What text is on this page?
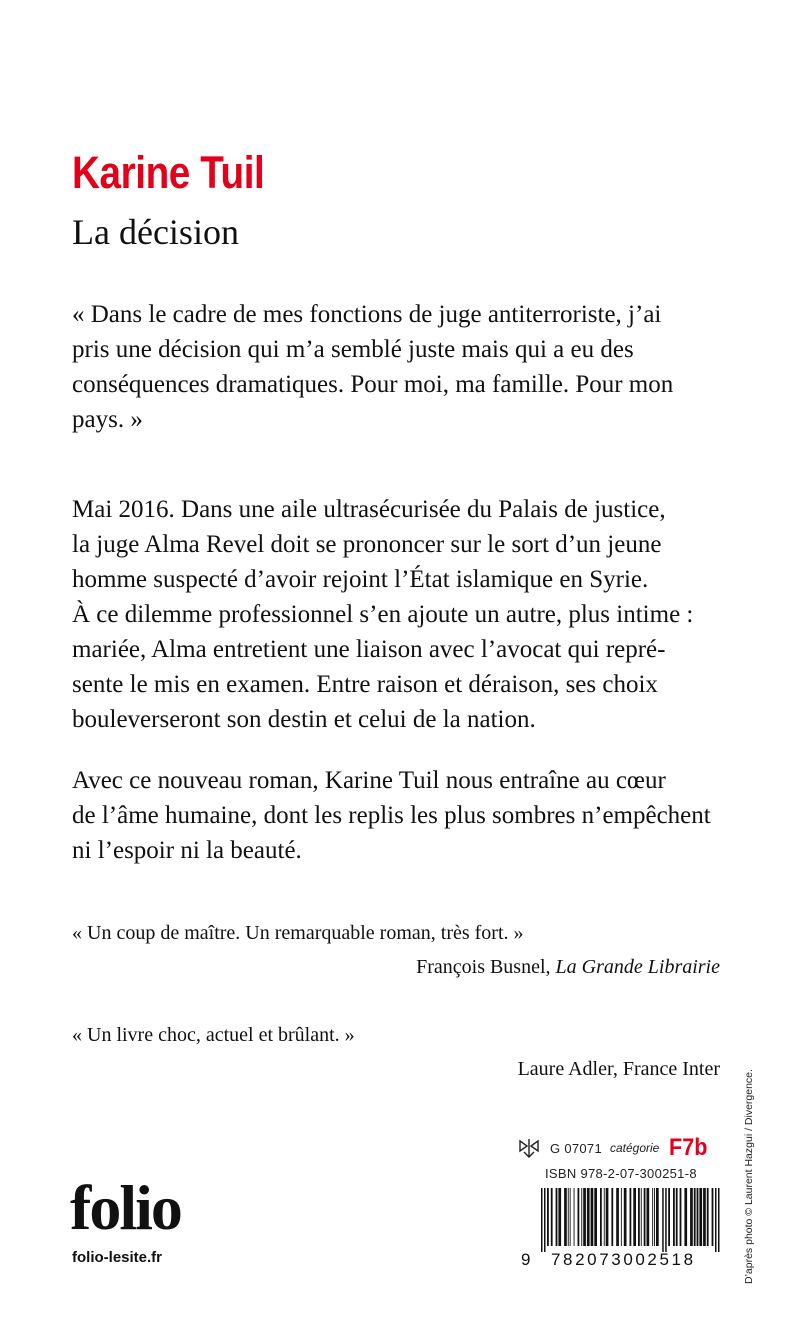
Karine Tuil
La décision
« Dans le cadre de mes fonctions de juge antiterroriste, j’ai
pris une décision qui m’a semblé juste mais qui a eu des
conséquences dramatiques. Pour moi, ma famille. Pour mon
pays. »
Mai 2016. Dans une aile ultrasécurisée du Palais de justice,
la juge Alma Revel doit se prononcer sur le sort d’un jeune
homme suspecté d’avoir rejoint l’État islamique en Syrie.
À ce dilemme professionnel s’en ajoute un autre, plus intime :
mariée, Alma entretient une liaison avec l’avocat qui repré-
sente le mis en examen. Entre raison et déraison, ses choix
bouleverseront son destin et celui de la nation.
Avec ce nouveau roman, Karine Tuil nous entraîne au cœur
de l’âme humaine, dont les replis les plus sombres n’empêchent
ni l’espoir ni la beauté.

« Un coup de maître. Un remarquable roman, très fort. »

François Busnel, La Grande Librairie

« Un livre choc, actuel et brûlant. »

Laure Adler, France Inter

D’après photo © Laurent Hazgui / Divergence.
G 07071 catégorie F7b
ISBN 978-2-07-300251-8
9 782073002518
folio
folio-lesite.fr
